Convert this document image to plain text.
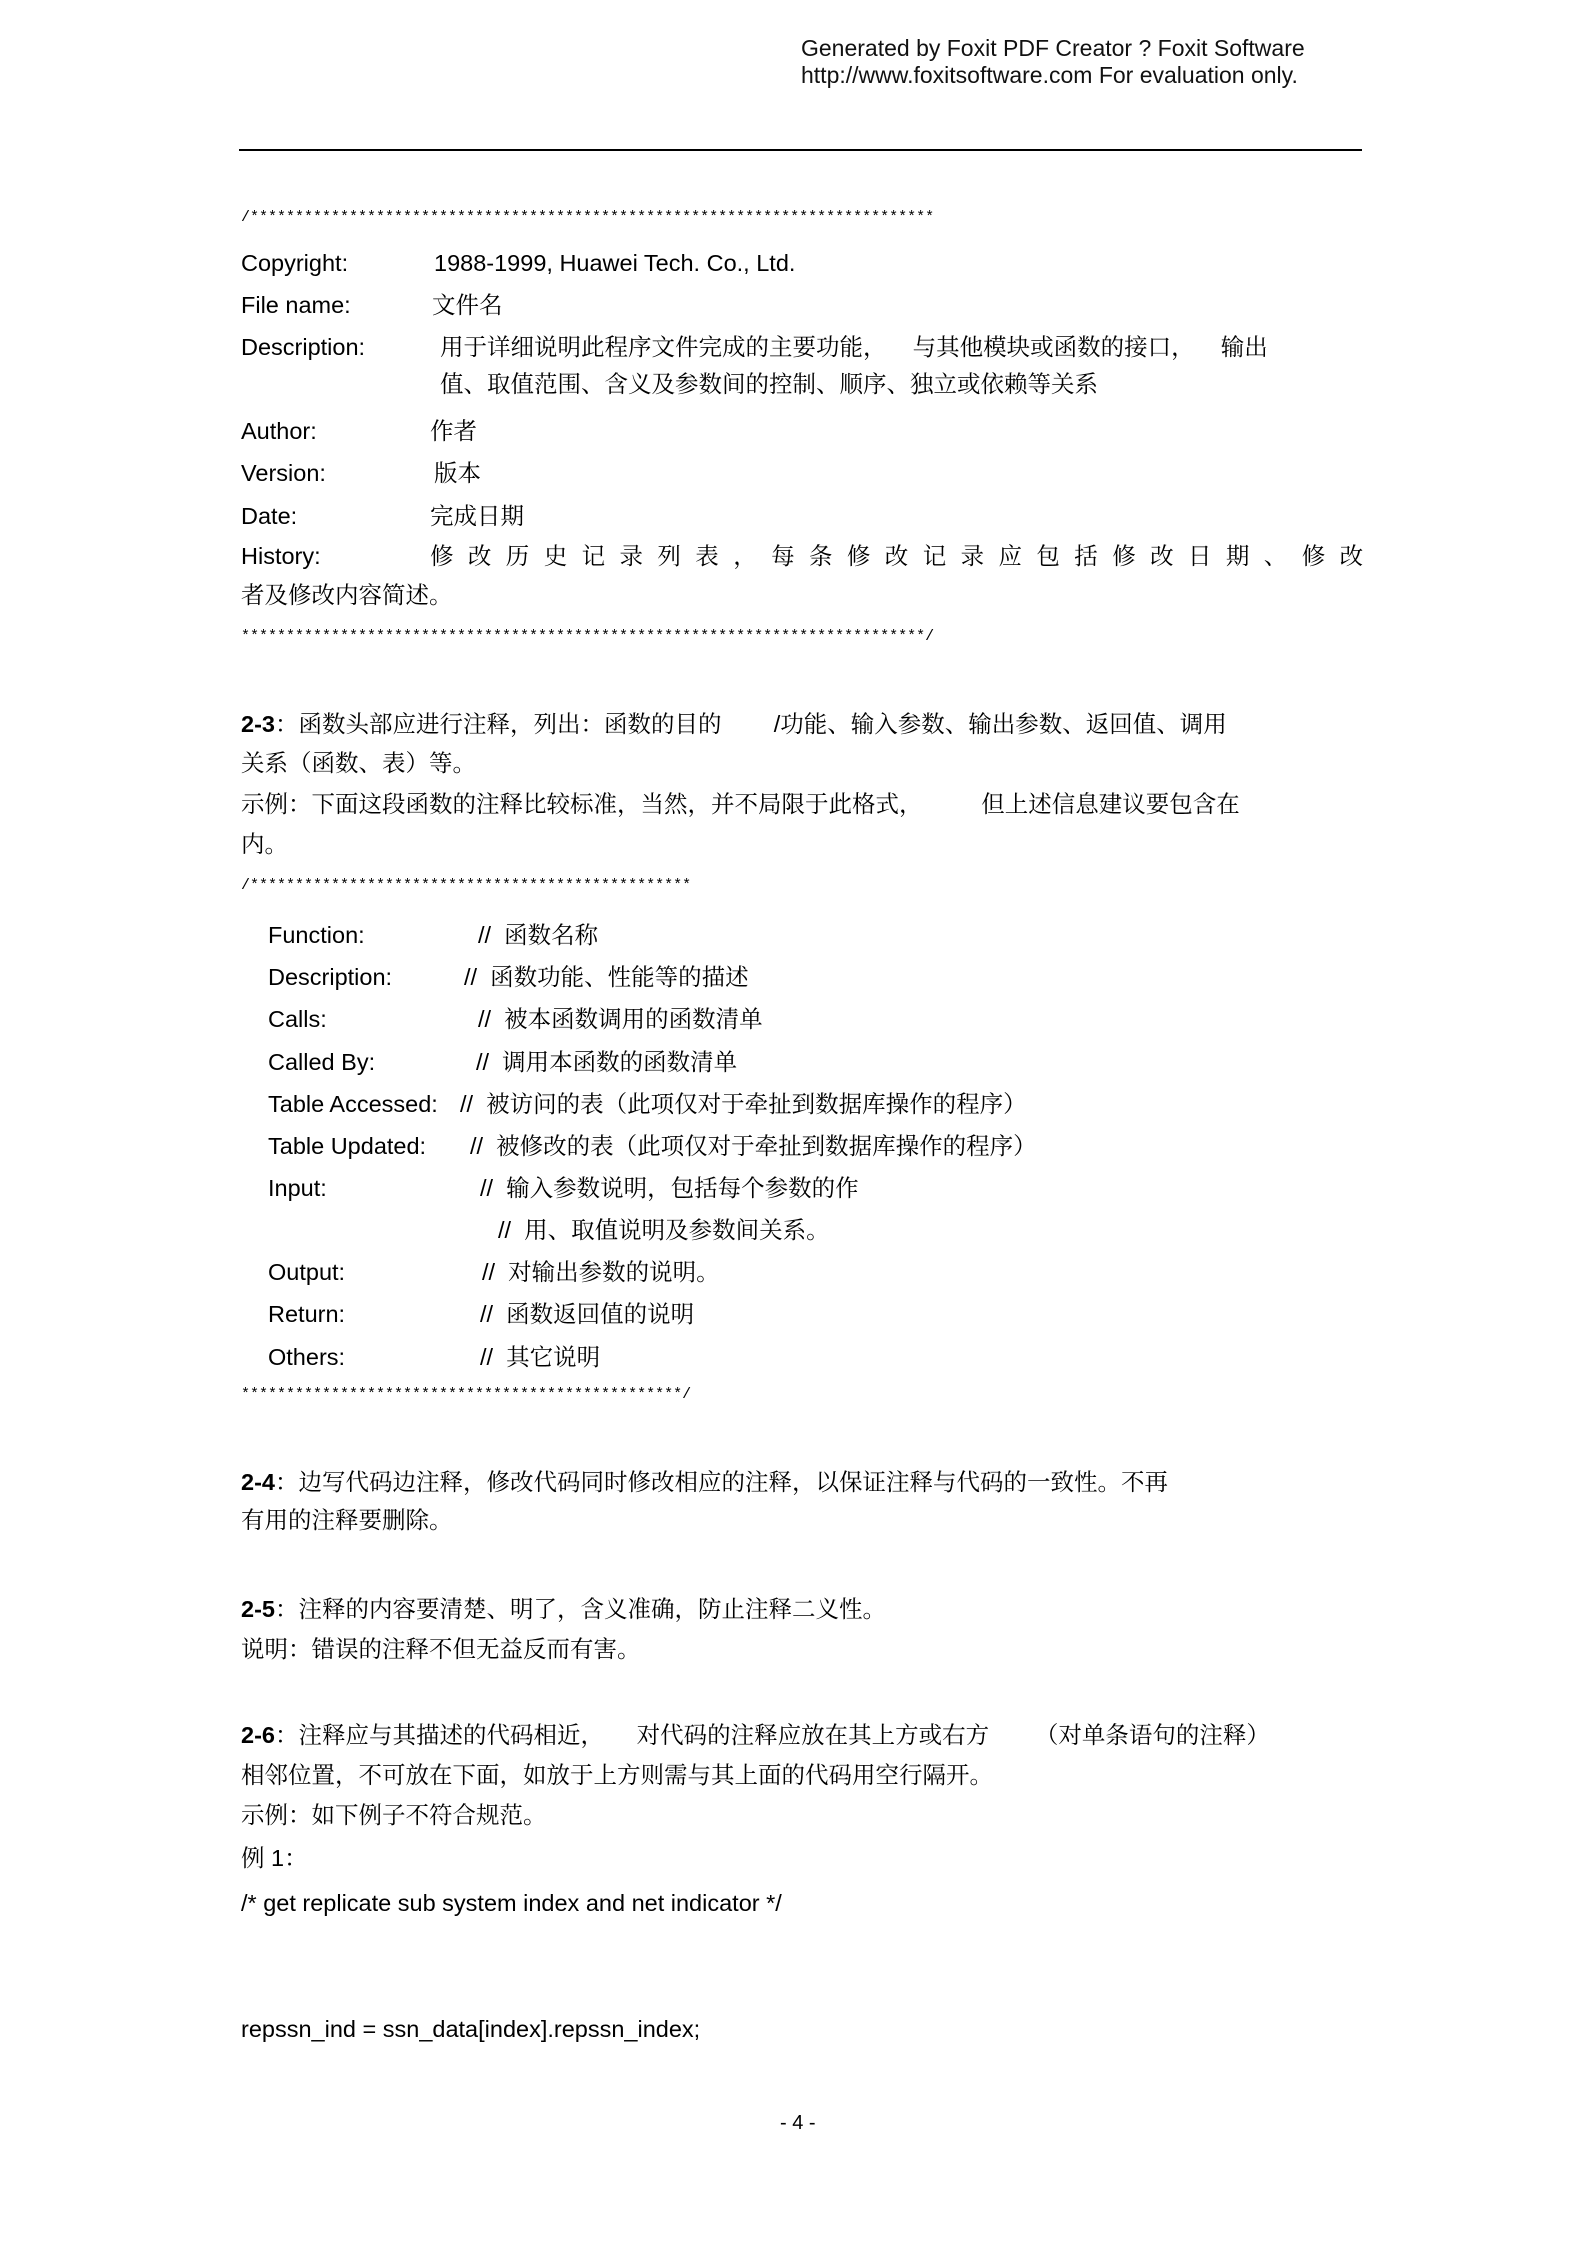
Generated by Foxit PDF Creator ? Foxit Software
http://www.foxitsoftware.com For evaluation only.
/****************************************************************************
Copyright:	1988-1999, Huawei Tech. Co., Ltd.
File name:	文件名
Description:	用于详细说明此程序文件完成的主要功能，    与其他模块或函数的接口，    输出
值、取值范围、含义及参数间的控制、顺序、独立或依赖等关系
Author:	作者
Version:	版本
Date:	完成日期
History:	修改历史记录列表，每条修改记录应包括修改日期、修改
者及修改内容简述。
****************************************************************************/
2-3：函数头部应进行注释，列出：函数的目的        /功能、输入参数、输出参数、返回值、调用
关系（函数、表）等。
示例：下面这段函数的注释比较标准，当然，并不局限于此格式，         但上述信息建议要包含在
内。
/*************************************************
Function:	//  函数名称
Description:	//  函数功能、性能等的描述
Calls:	//  被本函数调用的函数清单
Called By:	//  调用本函数的函数清单
Table Accessed: //  被访问的表（此项仅对于牵扯到数据库操作的程序）
Table Updated: //  被修改的表（此项仅对于牵扯到数据库操作的程序）
Input:	//  输入参数说明，包括每个参数的作
//  用、取值说明及参数间关系。
Output:	//  对输出参数的说明。
Return:	//  函数返回值的说明
Others:	//  其它说明
*************************************************/
2-4：边写代码边注释，修改代码同时修改相应的注释，以保证注释与代码的一致性。不再
有用的注释要删除。
2-5：注释的内容要清楚、明了，含义准确，防止注释二义性。
说明：错误的注释不但无益反而有害。
2-6：注释应与其描述的代码相近，     对代码的注释应放在其上方或右方       （对单条语句的注释）
相邻位置，不可放在下面，如放于上方则需与其上面的代码用空行隔开。
示例：如下例子不符合规范。
例 1：
/* get replicate sub system index and net indicator */
repssn_ind = ssn_data[index].repssn_index;
- 4 -
